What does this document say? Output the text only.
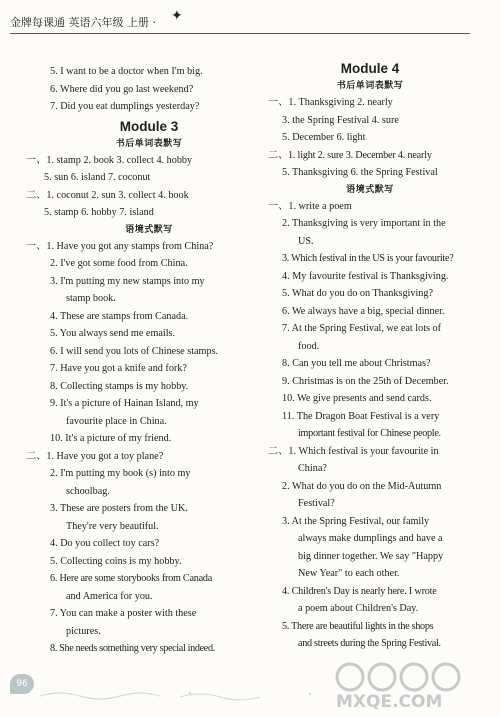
金牌每课通 英语六年级 上册 · ✦
5. I want to be a doctor when I'm big.
6. Where did you go last weekend?
7. Did you eat dumplings yesterday?
Module 3
书后单词表默写
一、1. stamp 2. book 3. collect 4. hobby
5. sun 6. island 7. coconut
二、1. coconut 2. sun 3. collect 4. book
5. stamp 6. hobby 7. island
语境式默写
一、1. Have you got any stamps from China?
2. I've got some food from China.
3. I'm putting my new stamps into my
stamp book.
4. These are stamps from Canada.
5. You always send me emails.
6. I will send you lots of Chinese stamps.
7. Have you got a knife and fork?
8. Collecting stamps is my hobby.
9. It's a picture of Hainan Island, my
favourite place in China.
10. It's a picture of my friend.
二、1. Have you got a toy plane?
2. I'm putting my book (s) into my
schoolbag.
3. These are posters from the UK.
They're very beautiful.
4. Do you collect toy cars?
5. Collecting coins is my hobby.
6. Here are some storybooks from Canada
and America for you.
7. You can make a poster with these
pictures.
8. She needs something very special indeed.
Module 4
书后单词表默写
一、1. Thanksgiving 2. nearly
3. the Spring Festival 4. sure
5. December 6. light
二、1. light 2. sure 3. December 4. nearly
5. Thanksgiving 6. the Spring Festival
语境式默写
一、1. write a poem
2. Thanksgiving is very important in the
US.
3. Which festival in the US is your favourite?
4. My favourite festival is Thanksgiving.
5. What do you do on Thanksgiving?
6. We always have a big, special dinner.
7. At the Spring Festival, we eat lots of
food.
8. Can you tell me about Christmas?
9. Christmas is on the 25th of December.
10. We give presents and send cards.
11. The Dragon Boat Festival is a very
important festival for Chinese people.
二、1. Which festival is your favourite in
China?
2. What do you do on the Mid-Autumn
Festival?
3. At the Spring Festival, our family
always make dumplings and have a
big dinner together. We say "Happy
New Year" to each other.
4. Children's Day is nearly here. I wrote
a poem about Children's Day.
5. There are beautiful lights in the shops
and streets during the Spring Festival.
96
MXQE.COM
